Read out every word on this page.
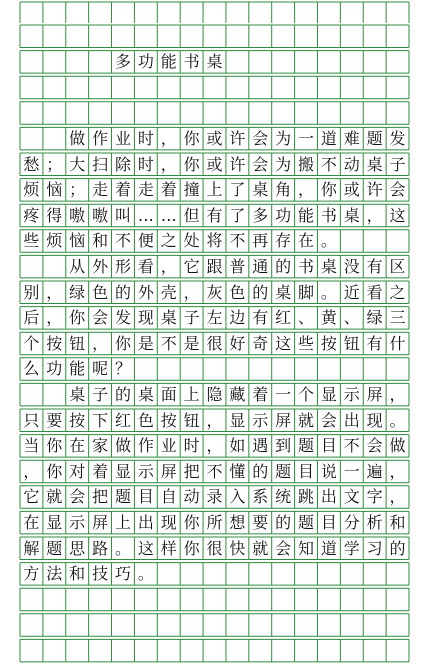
多 功 能 书 桌
做 作 业 时 ， 你 或 许 会 为 一 道 难 题 发
愁 ； 大 扫 除 时 ， 你 或 许 会 为 搬 不 动 桌 子
烦 恼 ； 走 着 走 着 撞 上 了 桌 角 ， 你 或 许 会
疼 得 嗷 嗷 叫 … … 但 有 了 多 功 能 书 桌 ， 这
些 烦 恼 和 不 便 之 处 将 不 再 存 在 。
从 外 形 看 ， 它 跟 普 通 的 书 桌 没 有 区
别 ， 绿 色 的 外 壳 ， 灰 色 的 桌 脚 。 近 看 之
后 ， 你 会 发 现 桌 子 左 边 有 红 、 黄 、 绿 三
个 按 钮 ， 你 是 不 是 很 好 奇 这 些 按 钮 有 什
么 功 能 呢 ？
桌 子 的 桌 面 上 隐 藏 着 一 个 显 示 屏 ，
只 要 按 下 红 色 按 钮 ， 显 示 屏 就 会 出 现 。
当 你 在 家 做 作 业 时 ， 如 遇 到 题 目 不 会 做
， 你 对 着 显 示 屏 把 不 懂 的 题 目 说 一 遍 ，
它 就 会 把 题 目 自 动 录 入 系 统 跳 出 文 字 ，
在 显 示 屏 上 出 现 你 所 想 要 的 题 目 分 析 和
解 题 思 路 。 这 样 你 很 快 就 会 知 道 学 习 的
方 法 和 技 巧 。
